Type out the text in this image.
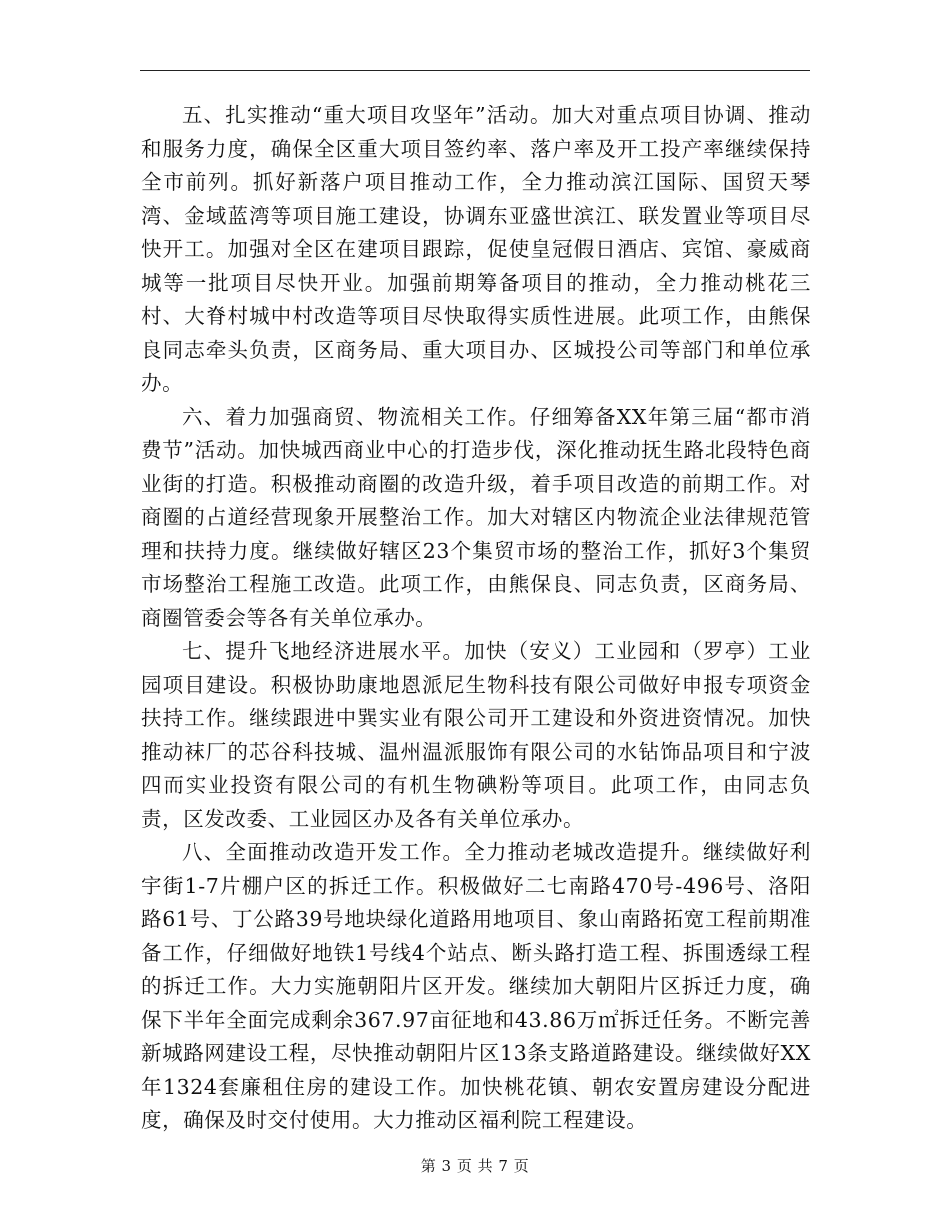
五、扎实推动“重大项目攻坚年”活动。加大对重点项目协调、推动和服务力度，确保全区重大项目签约率、落户率及开工投产率继续保持全市前列。抓好新落户项目推动工作，全力推动滨江国际、国贸天琴湾、金域蓝湾等项目施工建设，协调东亚盛世滨江、联发置业等项目尽快开工。加强对全区在建项目跟踪，促使皇冠假日酒店、宾馆、豪威商城等一批项目尽快开业。加强前期筹备项目的推动，全力推动桃花三村、大脊村城中村改造等项目尽快取得实质性进展。此项工作，由熊保良同志牵头负责，区商务局、重大项目办、区城投公司等部门和单位承办。

六、着力加强商贸、物流相关工作。仔细筹备XX年第三届“都市消费节”活动。加快城西商业中心的打造步伐，深化推动抚生路北段特色商业街的打造。积极推动商圈的改造升级，着手项目改造的前期工作。对商圈的占道经营现象开展整治工作。加大对辖区内物流企业法律规范管理和扶持力度。继续做好辖区23个集贸市场的整治工作，抓好3个集贸市场整治工程施工改造。此项工作，由熊保良、同志负责，区商务局、商圈管委会等各有关单位承办。

七、提升飞地经济进展水平。加快（安义）工业园和（罗亭）工业园项目建设。积极协助康地恩派尼生物科技有限公司做好申报专项资金扶持工作。继续跟进中巽实业有限公司开工建设和外资进资情况。加快推动袜厂的芯谷科技城、温州温派服饰有限公司的水钻饰品项目和宁波四而实业投资有限公司的有机生物碘粉等项目。此项工作，由同志负责，区发改委、工业园区办及各有关单位承办。

八、全面推动改造开发工作。全力推动老城改造提升。继续做好利宇街1-7片棚户区的拆迁工作。积极做好二七南路470号-496号、洛阳路61号、丁公路39号地块绿化道路用地项目、象山南路拓宽工程前期准备工作，仔细做好地铁1号线4个站点、断头路打造工程、拆围透绿工程的拆迁工作。大力实施朝阳片区开发。继续加大朝阳片区拆迁力度，确保下半年全面完成剩余367.97亩征地和43.86万㎡拆迁任务。不断完善新城路网建设工程，尽快推动朝阳片区13条支路道路建设。继续做好XX年1324套廉租住房的建设工作。加快桃花镇、朝农安置房建设分配进度，确保及时交付使用。大力推动区福利院工程建设。

第 3 页 共 7 页
